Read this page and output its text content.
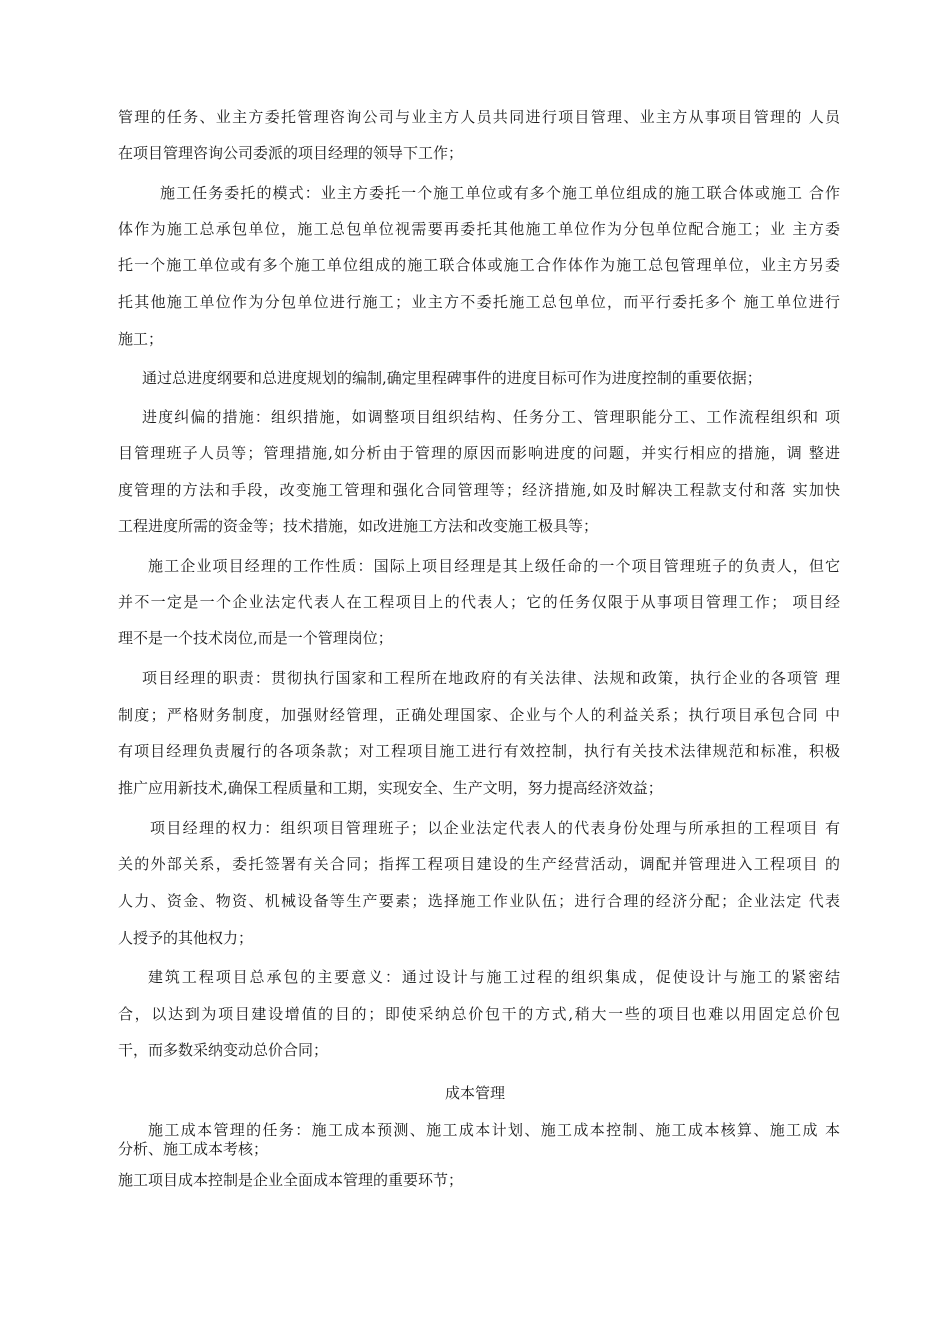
管理的任务、业主方委托管理咨询公司与业主方人员共同进行项目管理、业主方从事项目管理的 人员
在项目管理咨询公司委派的项目经理的领导下工作；
施工任务委托的模式：业主方委托一个施工单位或有多个施工单位组成的施工联合体或施工 合作
体作为施工总承包单位，施工总包单位视需要再委托其他施工单位作为分包单位配合施工；业 主方委
托一个施工单位或有多个施工单位组成的施工联合体或施工合作体作为施工总包管理单位，业主方另委
托其他施工单位作为分包单位进行施工；业主方不委托施工总包单位，而平行委托多个 施工单位进行
施工；
通过总进度纲要和总进度规划的编制,确定里程碑事件的进度目标可作为进度控制的重要依据；
进度纠偏的措施：组织措施，如调整项目组织结构、任务分工、管理职能分工、工作流程组织和 项
目管理班子人员等；管理措施,如分析由于管理的原因而影响进度的问题，并实行相应的措施，调 整进
度管理的方法和手段，改变施工管理和强化合同管理等；经济措施,如及时解决工程款支付和落 实加快
工程进度所需的资金等；技术措施，如改进施工方法和改变施工极具等；
施工企业项目经理的工作性质：国际上项目经理是其上级任命的一个项目管理班子的负责人，但它
并不一定是一个企业法定代表人在工程项目上的代表人；它的任务仅限于从事项目管理工作； 项目经
理不是一个技术岗位,而是一个管理岗位；
项目经理的职责：贯彻执行国家和工程所在地政府的有关法律、法规和政策，执行企业的各项管 理
制度；严格财务制度，加强财经管理，正确处理国家、企业与个人的利益关系；执行项目承包合同 中
有项目经理负责履行的各项条款；对工程项目施工进行有效控制，执行有关技术法律规范和标准，积极
推广应用新技术,确保工程质量和工期，实现安全、生产文明，努力提高经济效益；
项目经理的权力：组织项目管理班子；以企业法定代表人的代表身份处理与所承担的工程项目 有
关的外部关系，委托签署有关合同；指挥工程项目建设的生产经营活动，调配并管理进入工程项目 的
人力、资金、物资、机械设备等生产要素；选择施工作业队伍；进行合理的经济分配；企业法定 代表
人授予的其他权力；
建筑工程项目总承包的主要意义：通过设计与施工过程的组织集成，促使设计与施工的紧密结
合，以达到为项目建设增值的目的；即使采纳总价包干的方式,稍大一些的项目也难以用固定总价包
干，而多数采纳变动总价合同；
成本管理
施工成本管理的任务：施工成本预测、施工成本计划、施工成本控制、施工成本核算、施工成 本
分析、施工成本考核；
施工项目成本控制是企业全面成本管理的重要环节；
